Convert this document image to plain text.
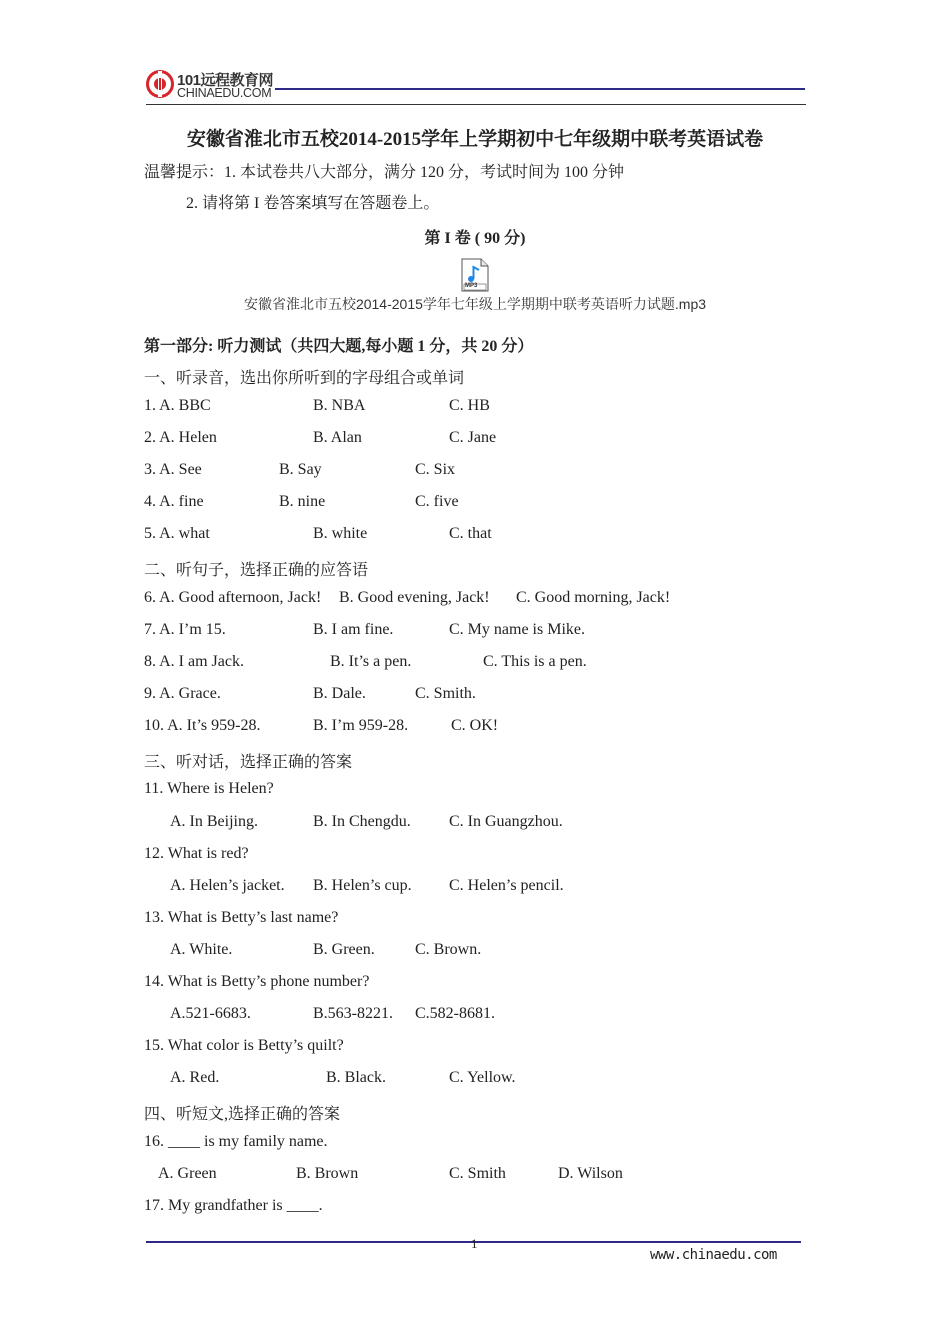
101远程教育网
CHINAEDU.COM
安徽省淮北市五校2014-2015学年上学期初中七年级期中联考英语试卷
温馨提示：1. 本试卷共八大部分，满分 120 分，考试时间为 100 分钟
2. 请将第 I 卷答案填写在答题卷上。
第 I 卷 ( 90 分)
MP3
安徽省淮北市五校2014-2015学年七年级上学期期中联考英语听力试题.mp3
第一部分: 听力测试（共四大题,每小题 1 分，共 20 分）
一、听录音，选出你所听到的字母组合或单词
1. A. BBC	B. NBA	C. HB
2. A. Helen	B. Alan	C. Jane
3. A. See	B. Say	C. Six
4. A. fine	B. nine	C. five
5. A. what	B. white	C. that
二、听句子，选择正确的应答语
6. A. Good afternoon, Jack! B. Good evening, Jack! C. Good morning, Jack!
7. A. I’m 15.	B. I am fine.	C. My name is Mike.
8. A. I am Jack.	B. It’s a pen.	C. This is a pen.
9. A. Grace.	B. Dale.	C. Smith.
10. A. It’s 959-28.	B. I’m 959-28.	C. OK!
三、听对话，选择正确的答案
11. Where is Helen?
A. In Beijing.	B. In Chengdu. C. In Guangzhou.
12. What is red?
A. Helen’s jacket. B. Helen’s cup. C. Helen’s pencil.
13. What is Betty’s last name?
A. White.	B. Green.	C. Brown.
14. What is Betty’s phone number?
A.521-6683.	B.563-8221. C.582-8681.
15. What color is Betty’s quilt?
A. Red.	B. Black.	C. Yellow.
四、听短文,选择正确的答案
16. ____ is my family name.
A. Green	B. Brown	C. Smith	D. Wilson
17. My grandfather is ____.
1
www.chinaedu.com
